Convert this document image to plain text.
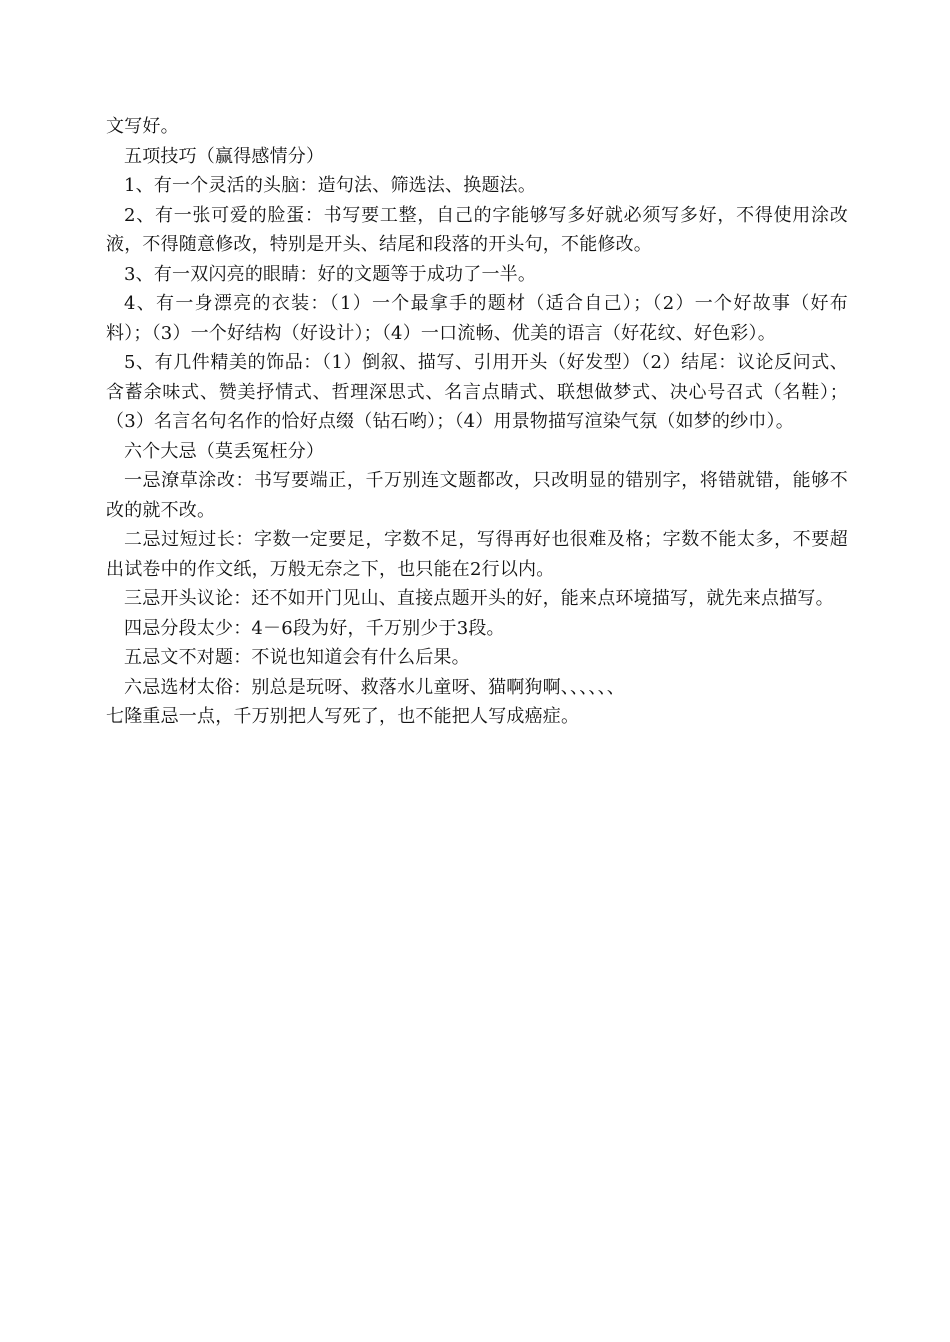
文写好。

五项技巧（赢得感情分）

1、有一个灵活的头脑：造句法、筛选法、换题法。

2、有一张可爱的脸蛋：书写要工整，自己的字能够写多好就必须写多好，不得使用涂改液，不得随意修改，特别是开头、结尾和段落的开头句，不能修改。

3、有一双闪亮的眼睛：好的文题等于成功了一半。

4、有一身漂亮的衣装：（1）一个最拿手的题材（适合自己）；（2）一个好故事（好布料）；（3）一个好结构（好设计）；（4）一口流畅、优美的语言（好花纹、好色彩）。

5、有几件精美的饰品：（1）倒叙、描写、引用开头（好发型）（2）结尾：议论反问式、含蓄余味式、赞美抒情式、哲理深思式、名言点睛式、联想做梦式、决心号召式（名鞋）；（3）名言名句名作的恰好点缀（钻石哟）；（4）用景物描写渲染气氛（如梦的纱巾）。

六个大忌（莫丢冤枉分）

一忌潦草涂改：书写要端正，千万别连文题都改，只改明显的错别字，将错就错，能够不改的就不改。

二忌过短过长：字数一定要足，字数不足，写得再好也很难及格；字数不能太多，不要超出试卷中的作文纸，万般无奈之下，也只能在2行以内。

三忌开头议论：还不如开门见山、直接点题开头的好，能来点环境描写，就先来点描写。

四忌分段太少：4－6段为好，千万别少于3段。

五忌文不对题：不说也知道会有什么后果。

六忌选材太俗：别总是玩呀、救落水儿童呀、猫啊狗啊、、、、、、

七隆重忌一点，千万别把人写死了，也不能把人写成癌症。
